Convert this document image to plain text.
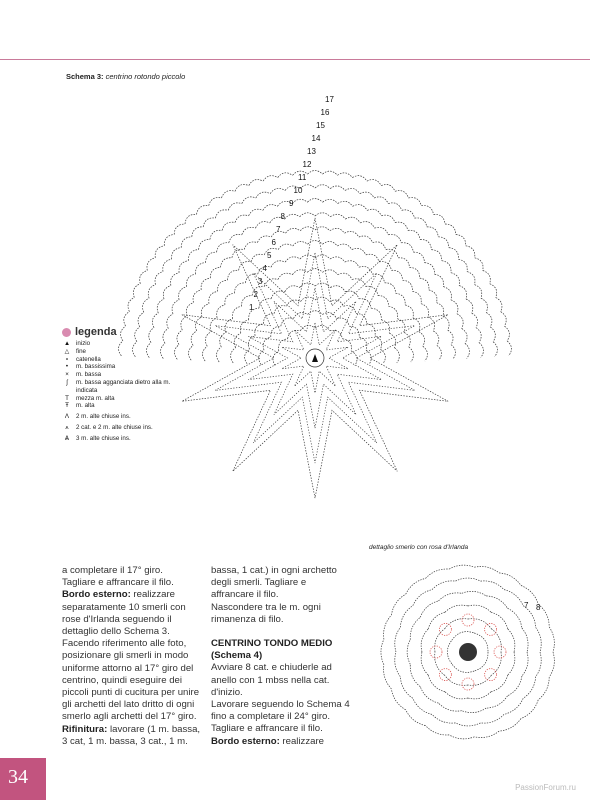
Schema 3: centrino rotondo piccolo
17
16
15
14
13
12
11
10
9
8
7
6
5
4
3
2
1
legenda
▲ inizio
△	fine
∘	catenella
•	m. bassissima
×	m. bassa
ʃ	m. bassa agganciata dietro alla m. indicata
T	mezza m. alta
Ŧ	m. alta
Ʌ	2 m. alte chiuse ins.
⩚	2 cat. e 2 m. alte chiuse ins.
Ѧ	3 m. alte chiuse ins.
dettaglio smerlo con rosa d'Irlanda
7 8

a completare il 17° giro.

Tagliare e affrancare il filo.

Bordo esterno: realizzare separatamente 10 smerli con rose d'Irlanda seguendo il dettaglio dello Schema 3. Facendo riferimento alle foto, posizionare gli smerli in modo uniforme attorno al 17° giro del centrino, quindi eseguire dei piccoli punti di cucitura per unire gli archetti del lato dritto di ogni smerlo agli archetti del 17° giro.

Rifinitura: lavorare (1 m. bassa, 3 cat, 1 m. bassa, 3 cat., 1 m.

bassa, 1 cat.) in ogni archetto degli smerli. Tagliare e affrancare il filo.

Nascondere tra le m. ogni rimanenza di filo.

CENTRINO TONDO MEDIO

(Schema 4)

Avviare 8 cat. e chiuderle ad anello con 1 mbss nella cat. d'inizio.

Lavorare seguendo lo Schema 4 fino a completare il 24° giro. Tagliare e affrancare il filo.

Bordo esterno: realizzare

34	PassionForum.ru
